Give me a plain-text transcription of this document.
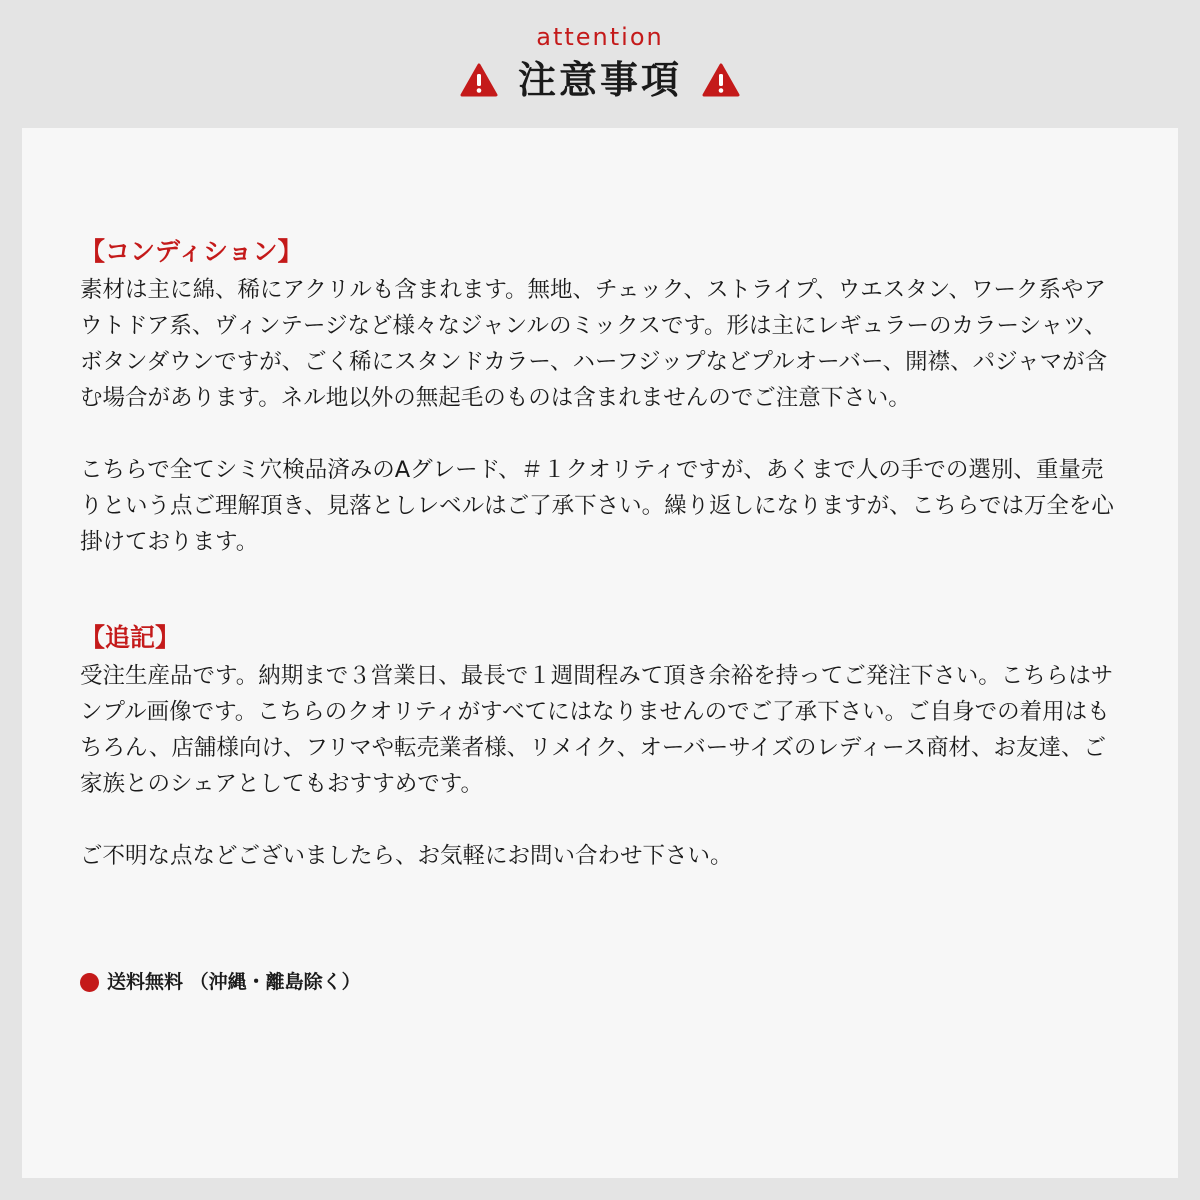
attention
注意事項
【コンディション】

素材は主に綿、稀にアクリルも含まれます。無地、チェック、ストライプ、ウエスタン、ワーク系やアウトドア系、ヴィンテージなど様々なジャンルのミックスです。形は主にレギュラーのカラーシャツ、ボタンダウンですが、ごく稀にスタンドカラー、ハーフジップなどプルオーバー、開襟、パジャマが含む場合があります。ネル地以外の無起毛のものは含まれませんのでご注意下さい。

こちらで全てシミ穴検品済みのAグレード、＃１クオリティですが、あくまで人の手での選別、重量売りという点ご理解頂き、見落としレベルはご了承下さい。繰り返しになりますが、こちらでは万全を心掛けております。

【追記】

受注生産品です。納期まで３営業日、最長で１週間程みて頂き余裕を持ってご発注下さい。こちらはサンプル画像です。こちらのクオリティがすべてにはなりませんのでご了承下さい。ご自身での着用はもちろん、店舗様向け、フリマや転売業者様、リメイク、オーバーサイズのレディース商材、お友達、ご家族とのシェアとしてもおすすめです。

ご不明な点などございましたら、お気軽にお問い合わせ下さい。

送料無料 （沖縄・離島除く）
